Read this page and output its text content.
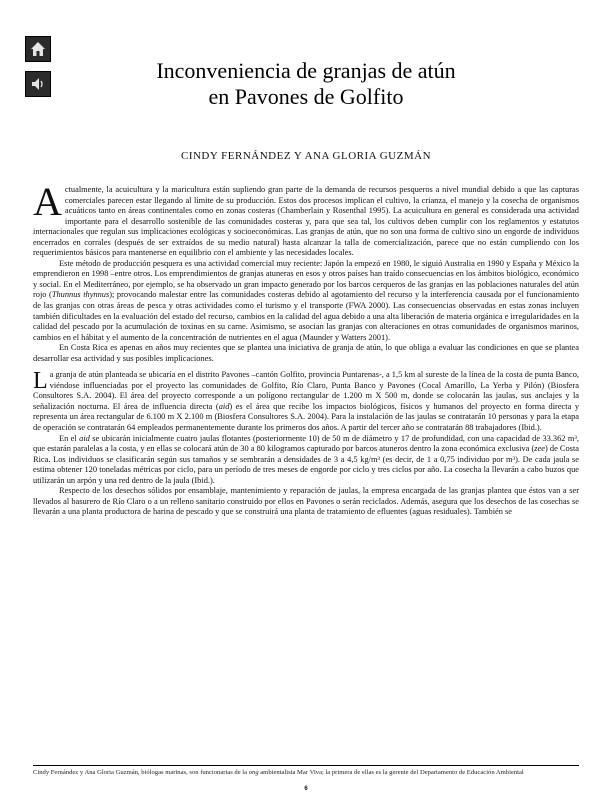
Inconveniencia de granjas de atún
en Pavones de Golfito
CINDY FERNÁNDEZ Y ANA GLORIA GUZMÁN

Actualmente, la acuicultura y la maricultura están supliendo gran parte de la demanda de recursos pesqueros a nivel mundial debido a que las capturas comerciales parecen estar llegando al límite de su producción. Estos dos procesos implican el cultivo, la crianza, el manejo y la cosecha de organismos acuáticos tanto en áreas continentales como en zonas costeras (Chamberlain y Rosenthal 1995). La acuicultura en general es considerada una actividad importante para el desarrollo sostenible de las comunidades costeras y, para que sea tal, los cultivos deben cumplir con los reglamentos y estatutos internacionales que regulan sus implicaciones ecológicas y socioeconómicas. Las granjas de atún, que no son una forma de cultivo sino un engorde de individuos encerrados en corrales (después de ser extraídos de su medio natural) hasta alcanzar la talla de comercialización, parece que no están cumpliendo con los requerimientos básicos para mantenerse en equilibrio con el ambiente y las necesidades locales.

Este método de producción pesquera es una actividad comercial muy reciente: Japón la empezó en 1980, le siguió Australia en 1990 y España y México la emprendieron en 1998 –entre otros. Los emprendimientos de granjas atuneras en esos y otros países han traído consecuencias en los ámbitos biológico, económico y social. En el Mediterráneo, por ejemplo, se ha observado un gran impacto generado por los barcos cerqueros de las granjas en las poblaciones naturales del atún rojo (Thunnus thynnus); provocando malestar entre las comunidades costeras debido al agotamiento del recurso y la interferencia causada por el funcionamiento de las granjas con otras áreas de pesca y otras actividades como el turismo y el transporte (FWA 2000). Las consecuencias observadas en estas zonas incluyen también dificultades en la evaluación del estado del recurso, cambios en la calidad del agua debido a una alta liberación de materia orgánica e irregularidades en la calidad del pescado por la acumulación de toxinas en su carne. Asimismo, se asocian las granjas con alteraciones en otras comunidades de organismos marinos, cambios en el hábitat y el aumento de la concentración de nutrientes en el agua (Maunder y Watters 2001).

En Costa Rica es apenas en años muy recientes que se plantea una iniciativa de granja de atún, lo que obliga a evaluar las condiciones en que se plantea desarrollar esa actividad y sus posibles implicaciones.

La granja de atún planteada se ubicaría en el distrito Pavones –cantón Golfito, provincia Puntarenas-, a 1,5 km al sureste de la línea de la costa de punta Banco, viéndose influenciadas por el proyecto las comunidades de Golfito, Río Claro, Punta Banco y Pavones (Cocal Amarillo, La Yerba y Pilón) (Biosfera Consultores S.A. 2004). El área del proyecto corresponde a un polígono rectangular de 1.200 m X 500 m, donde se colocarán las jaulas, sus anclajes y la señalización nocturna. El área de influencia directa (aid) es el área que recibe los impactos biológicos, físicos y humanos del proyecto en forma directa y representa un área rectangular de 6.100 m X 2.100 m (Biosfera Consultores S.A. 2004). Para la instalación de las jaulas se contratarán 10 personas y para la etapa de operación se contratarán 64 empleados permanentemente durante los primeros dos años. A partir del tercer año se contratarán 88 trabajadores (Ibid.).

En el aid se ubicarán inicialmente cuatro jaulas flotantes (posteriormente 10) de 50 m de diámetro y 17 de profundidad, con una capacidad de 33.362 m³, que estarán paralelas a la costa, y en ellas se colocará atún de 30 a 80 kilogramos capturado por barcos atuneros dentro la zona económica exclusiva (zee) de Costa Rica. Los individuos se clasificarán según sus tamaños y se sembrarán a densidades de 3 a 4,5 kg/m³ (es decir, de 1 a 0,75 individuo por m³). De cada jaula se estima obtener 120 toneladas métricas por ciclo, para un período de tres meses de engorde por ciclo y tres ciclos por año. La cosecha la llevarán a cabo buzos que utilizarán un arpón y una red dentro de la jaula (Ibid.).

Respecto de los desechos sólidos por ensamblaje, mantenimiento y reparación de jaulas, la empresa encargada de las granjas plantea que éstos van a ser llevados al basurero de Río Claro o a un relleno sanitario construido por ellos en Pavones o serán reciclados. Además, asegura que los desechos de las cosechas se llevarán a una planta productora de harina de pescado y que se construirá una planta de tratamiento de efluentes (aguas residuales). También se

Cindy Fernández y Ana Gloria Guzmán, biólogas marinas, son funcionarias de la ong ambientalista Mar Viva; la primera de ellas es la gerente del Departamento de Educación Ambiental
6
